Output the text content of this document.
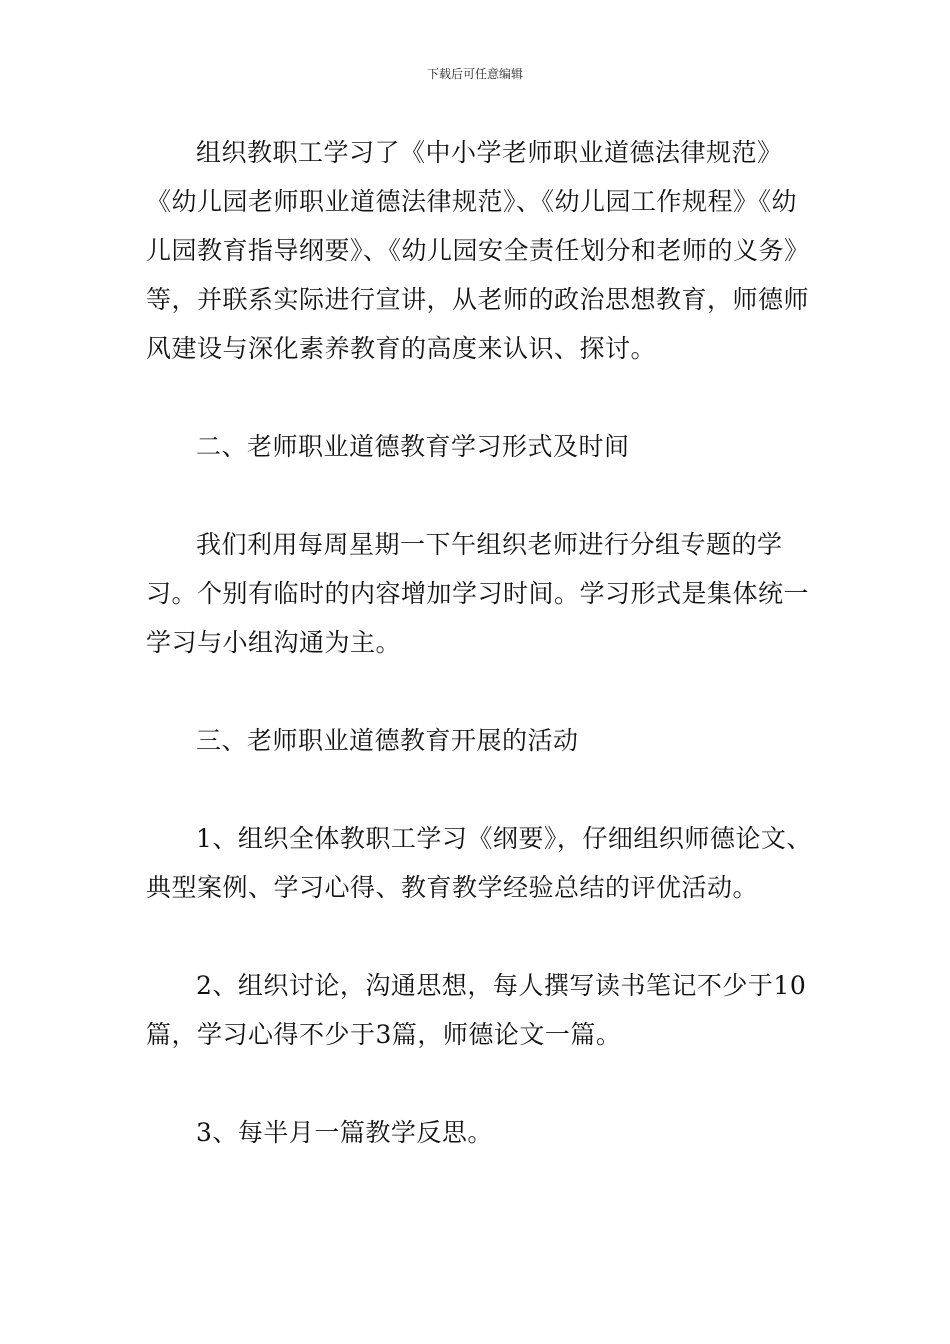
下载后可任意编辑

组织教职工学习了《中小学老师职业道德法律规范》《幼儿园老师职业道德法律规范》、《幼儿园工作规程》《幼儿园教育指导纲要》、《幼儿园安全责任划分和老师的义务》等，并联系实际进行宣讲，从老师的政治思想教育，师德师风建设与深化素养教育的高度来认识、探讨。

二、老师职业道德教育学习形式及时间

我们利用每周星期一下午组织老师进行分组专题的学习。个别有临时的内容增加学习时间。学习形式是集体统一学习与小组沟通为主。

三、老师职业道德教育开展的活动

1、组织全体教职工学习《纲要》，仔细组织师德论文、典型案例、学习心得、教育教学经验总结的评优活动。

2、组织讨论，沟通思想，每人撰写读书笔记不少于10篇，学习心得不少于3篇，师德论文一篇。

3、每半月一篇教学反思。
